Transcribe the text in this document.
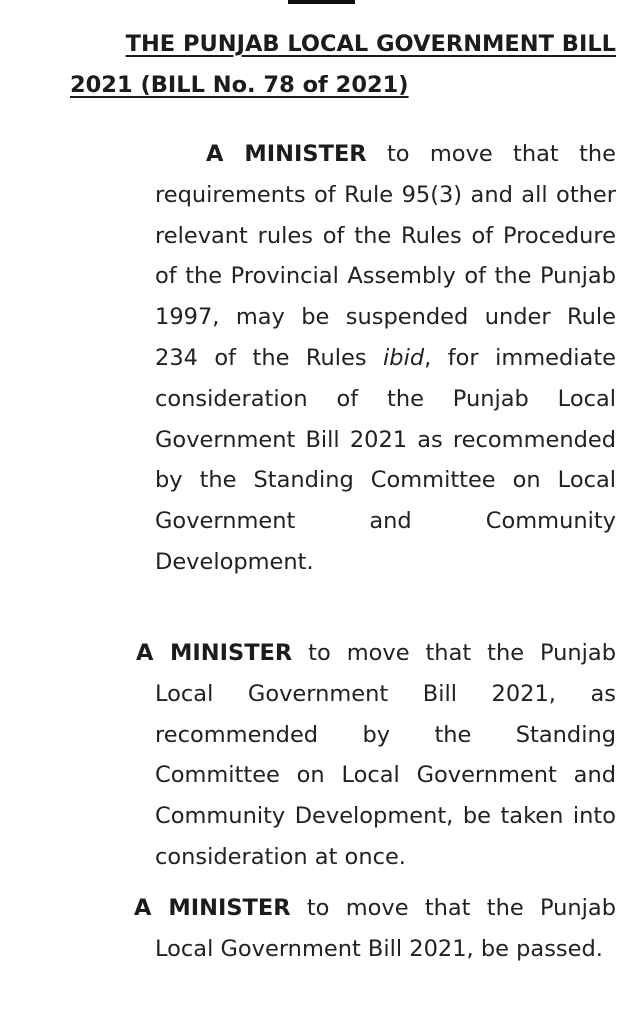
THE PUNJAB LOCAL GOVERNMENT BILL
2021 (BILL No. 78 of 2021)

A MINISTER to move that the requirements of Rule 95(3) and all other relevant rules of the Rules of Procedure of the Provincial Assembly of the Punjab 1997, may be suspended under Rule 234 of the Rules ibid, for immediate consideration of the Punjab Local Government Bill 2021 as recommended by the Standing Committee on Local Government and Community Development.

A MINISTER to move that the Punjab Local Government Bill 2021, as recommended by the Standing Committee on Local Government and Community Development, be taken into consideration at once.

A MINISTER to move that the Punjab Local Government Bill 2021, be passed.
